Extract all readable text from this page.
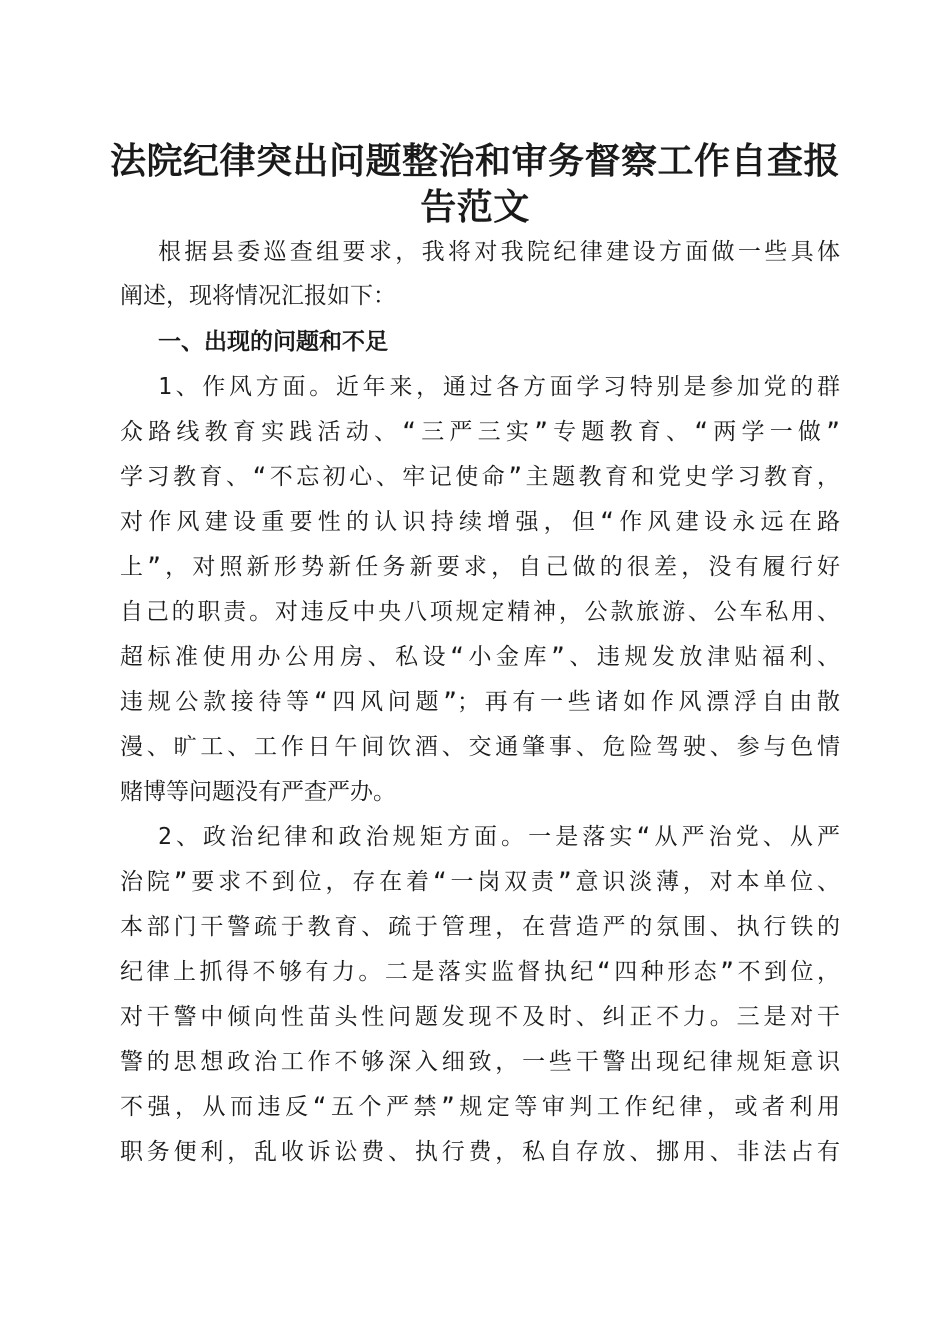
法院纪律突出问题整治和审务督察工作自查报
告范文
根据县委巡查组要求，我将对我院纪律建设方面做一些具体
阐述，现将情况汇报如下：
一、出现的问题和不足
1、作风方面。近年来，通过各方面学习特别是参加党的群
众路线教育实践活动、“三严三实”专题教育、“两学一做”
学习教育、“不忘初心、牢记使命”主题教育和党史学习教育，
对作风建设重要性的认识持续增强，但“作风建设永远在路
上”，对照新形势新任务新要求，自己做的很差，没有履行好
自己的职责。对违反中央八项规定精神，公款旅游、公车私用、
超标准使用办公用房、私设“小金库”、违规发放津贴福利、
违规公款接待等“四风问题”；再有一些诸如作风漂浮自由散
漫、旷工、工作日午间饮酒、交通肇事、危险驾驶、参与色情
赌博等问题没有严查严办。
2、政治纪律和政治规矩方面。一是落实“从严治党、从严
治院”要求不到位，存在着“一岗双责”意识淡薄，对本单位、
本部门干警疏于教育、疏于管理，在营造严的氛围、执行铁的
纪律上抓得不够有力。二是落实监督执纪“四种形态”不到位，
对干警中倾向性苗头性问题发现不及时、纠正不力。三是对干
警的思想政治工作不够深入细致，一些干警出现纪律规矩意识
不强，从而违反“五个严禁”规定等审判工作纪律，或者利用
职务便利，乱收诉讼费、执行费，私自存放、挪用、非法占有
